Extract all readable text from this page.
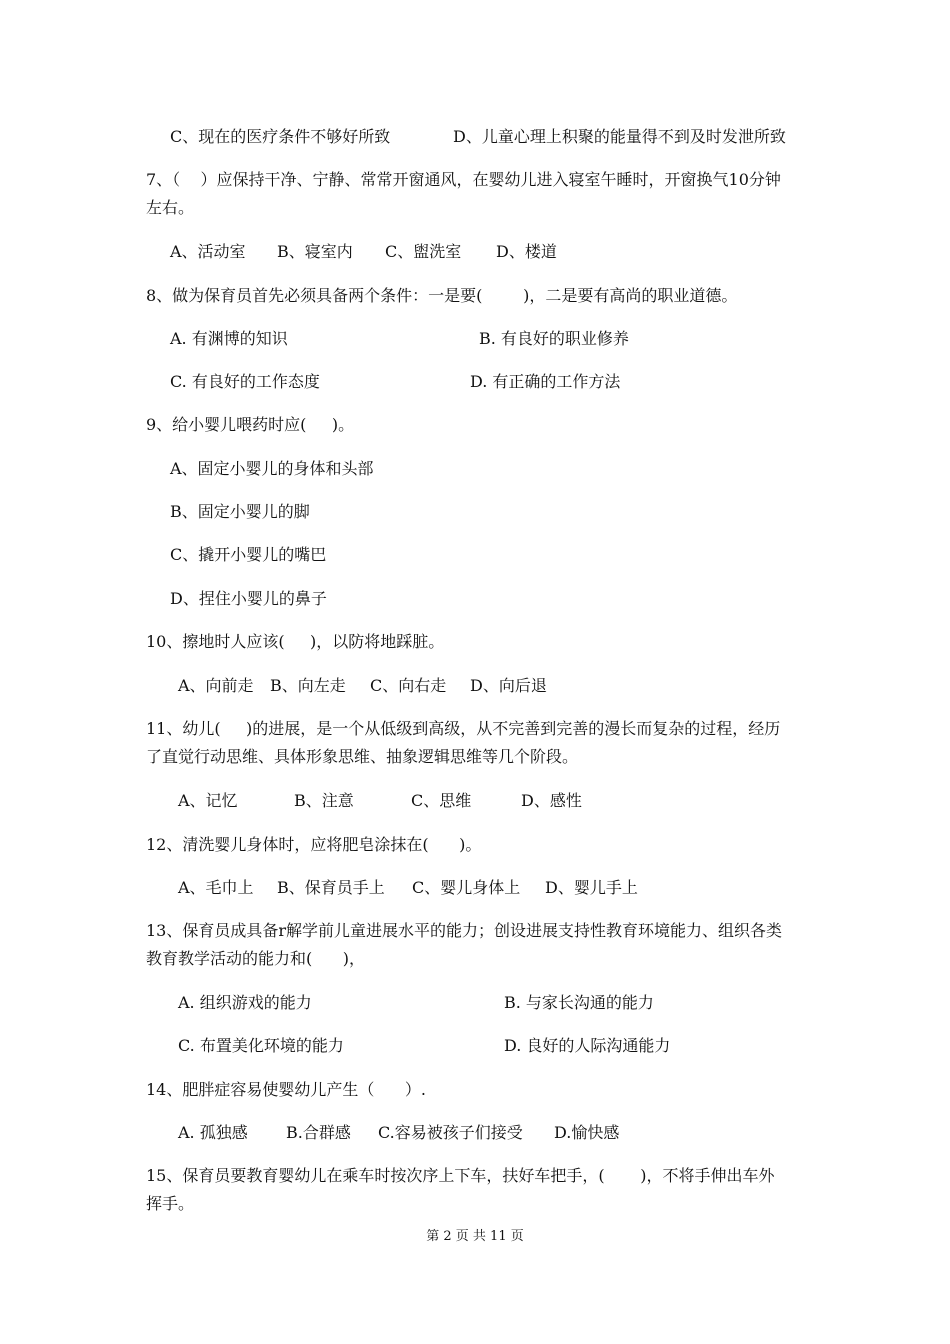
C、现在的医疗条件不够好所致	D、儿童心理上积聚的能量得不到及时发泄所致
7、（    ）应保持干净、宁静、常常开窗通风，在婴幼儿进入寝室午睡时，开窗换气10分钟
左右。
A、活动室 B、寝室内 C、盥洗室 D、楼道
8、做为保育员首先必须具备两个条件：一是要(        )，二是要有高尚的职业道德。
A. 有渊博的知识	B. 有良好的职业修养
C. 有良好的工作态度	D. 有正确的工作方法
9、给小婴儿喂药时应(     )。
A、固定小婴儿的身体和头部
B、固定小婴儿的脚
C、撬开小婴儿的嘴巴
D、捏住小婴儿的鼻子
10、擦地时人应该(     )，以防将地踩脏。
A、向前走 B、向左走 C、向右走 D、向后退
11、幼儿(     )的进展，是一个从低级到高级，从不完善到完善的漫长而复杂的过程，经历
了直觉行动思维、具体形象思维、抽象逻辑思维等几个阶段。
A、记忆	B、注意	C、思维	D、感性
12、清洗婴儿身体时，应将肥皂涂抹在(      )。
A、毛巾上 B、保育员手上 C、婴儿身体上 D、婴儿手上
13、保育员成具备r解学前儿童进展水平的能力；创设进展支持性教育环境能力、组织各类
教育教学活动的能力和(      )，
A. 组织游戏的能力	B. 与家长沟通的能力
C. 布置美化环境的能力	D. 良好的人际沟通能力
14、肥胖症容易使婴幼儿产生（      ）.
A. 孤独感 B.合群感 C.容易被孩子们接受 D.愉快感
15、保育员要教育婴幼儿在乘车时按次序上下车，扶好车把手，(       )，不将手伸出车外
挥手。
第 2 页 共 11 页
